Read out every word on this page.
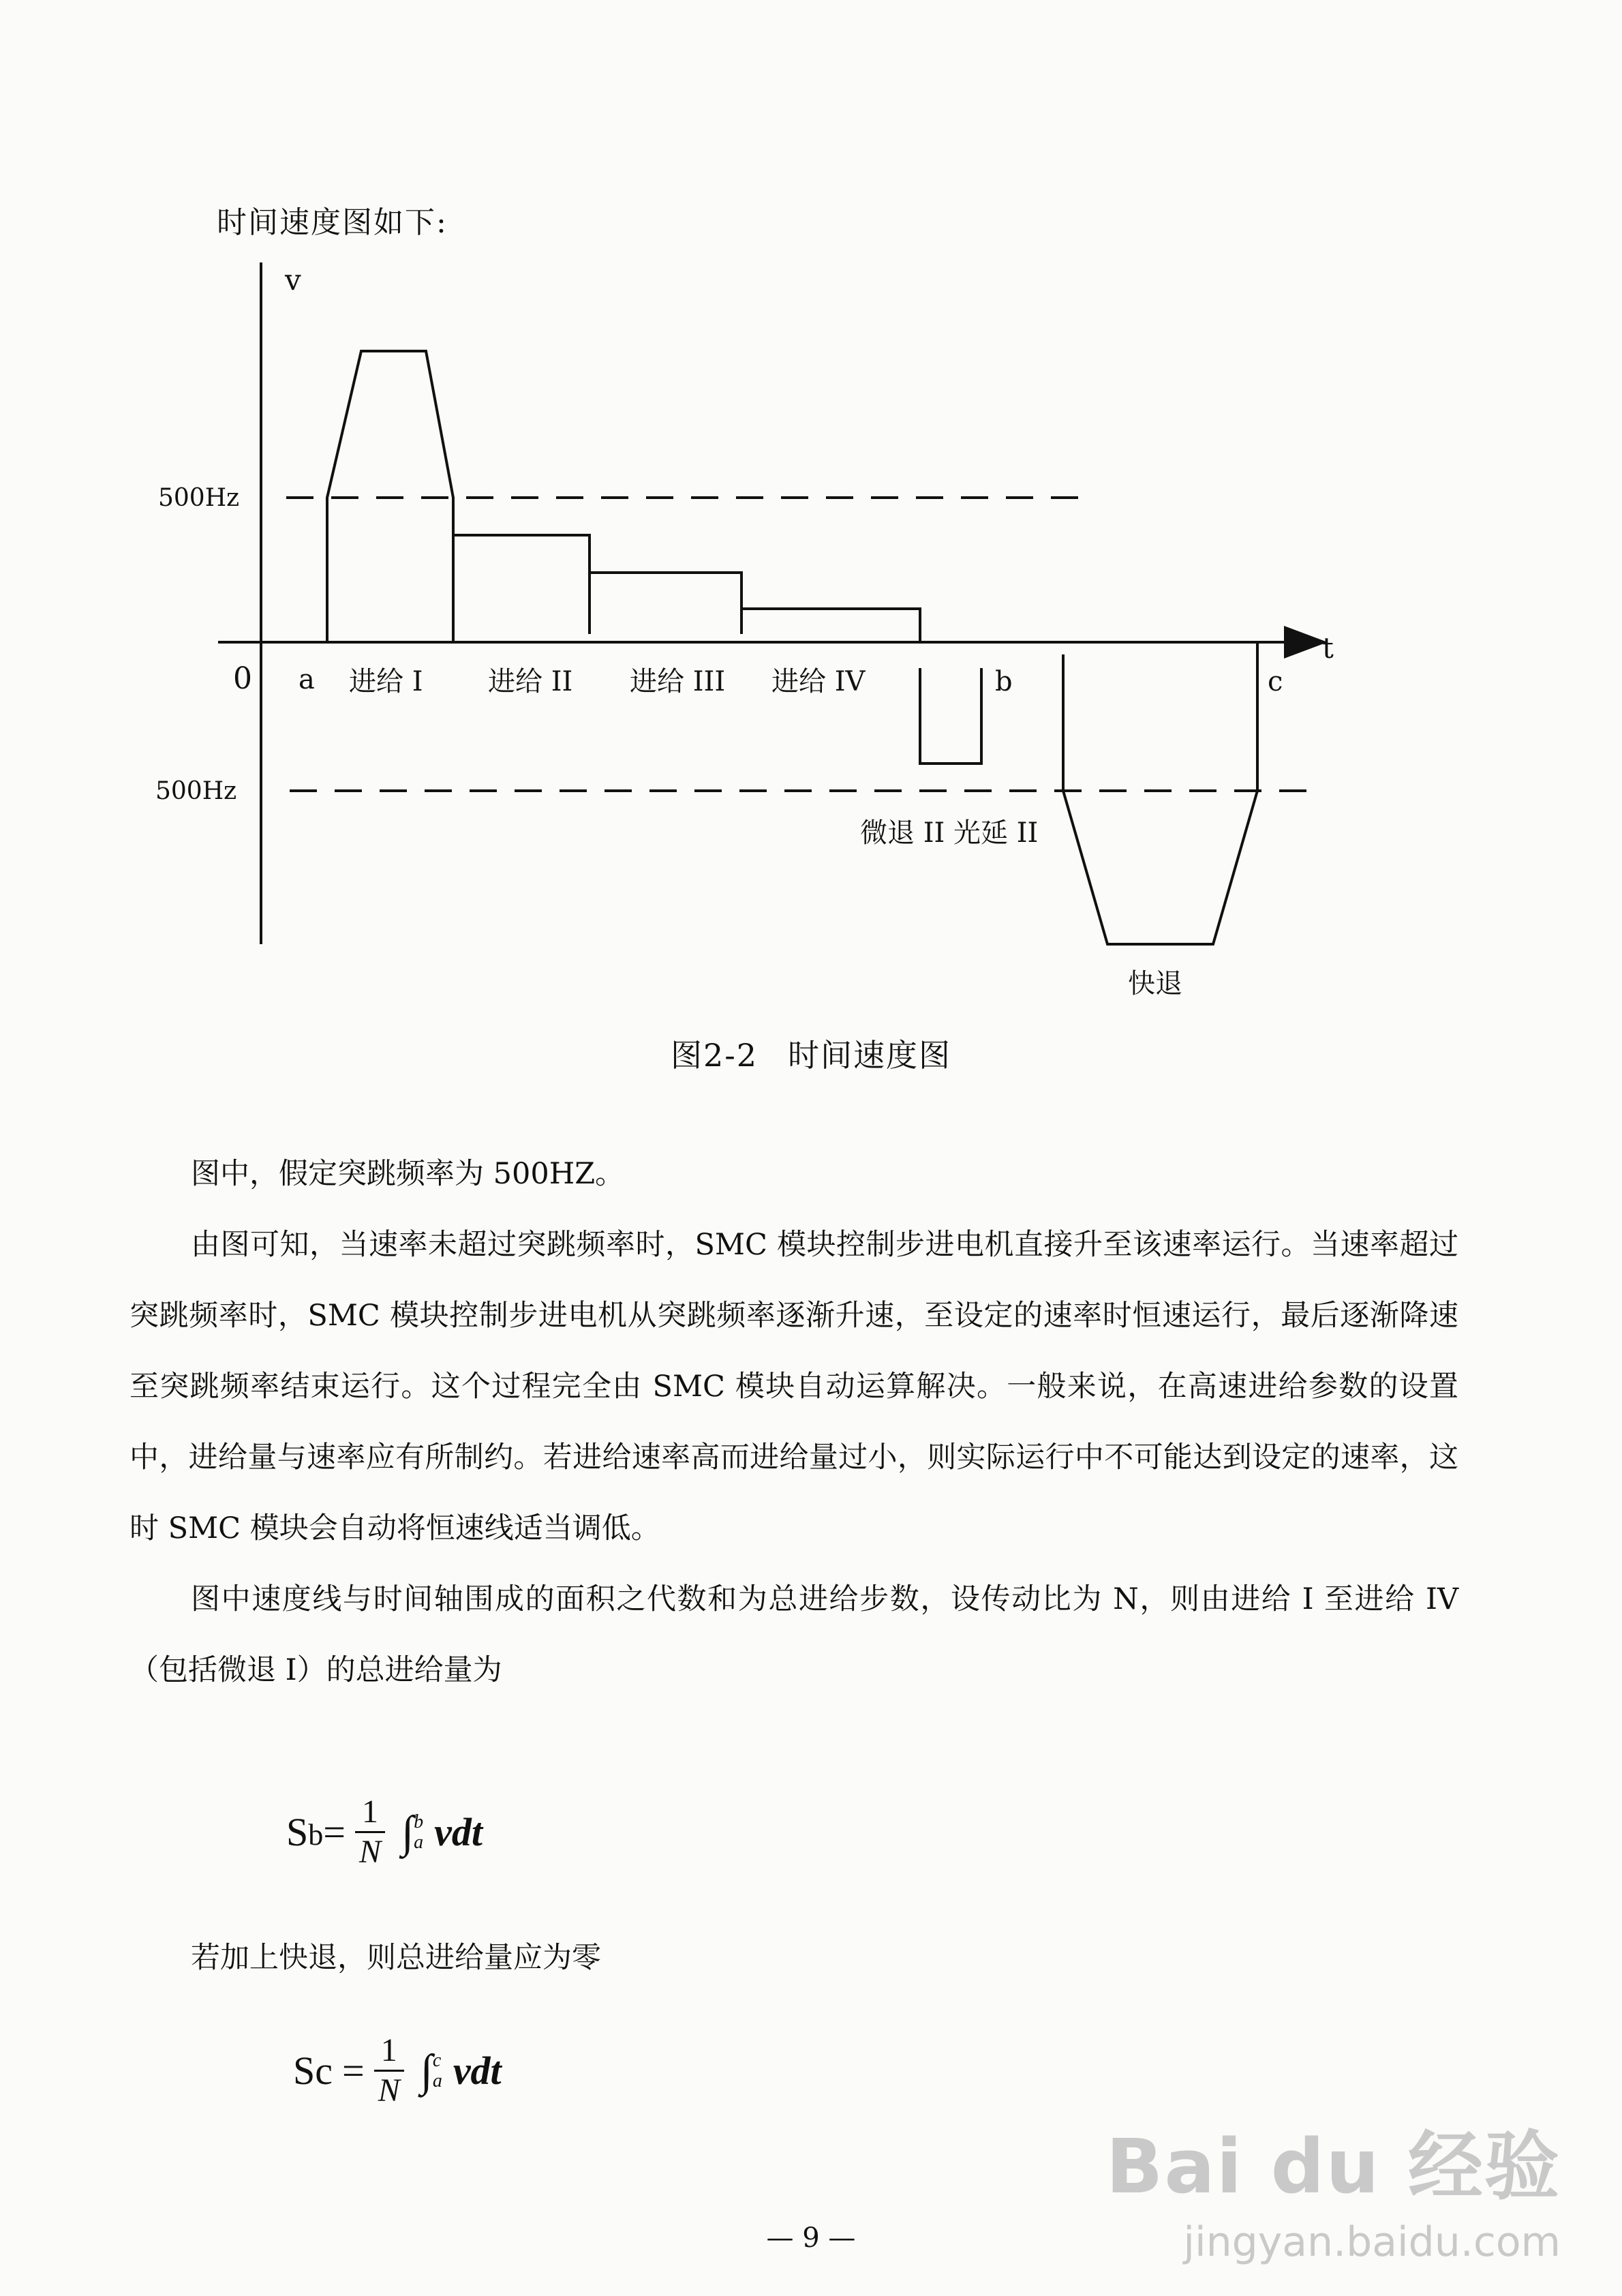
时间速度图如下:
v
t
0
500Hz
500Hz
a 进给 I 进给 II 进给 III 进给 IV	b	c
微退 II 光延 II
快退
图2-2 时间速度图

图中，假定突跳频率为 500HZ。

由图可知，当速率未超过突跳频率时，SMC 模块控制步进电机直接升至该速率运行。当速率超过突跳频率时，SMC 模块控制步进电机从突跳频率逐渐升速，至设定的速率时恒速运行，最后逐渐降速至突跳频率结束运行。这个过程完全由 SMC 模块自动运算解决。一般来说，在高速进给参数的设置中，进给量与速率应有所制约。若进给速率高而进给量过小，则实际运行中不可能达到设定的速率，这时 SMC 模块会自动将恒速线适当调低。

图中速度线与时间轴围成的面积之代数和为总进给步数，设传动比为 N，则由进给 I 至进给 IV（包括微退 I）的总进给量为

S $b = \frac{1}{N}$ ∫ b
a vdt

若加上快退，则总进给量应为零

$Sc = \frac{1}{N}$ ∫ c
a vdt
— 9 —
Bai du 经验
jingyan.baidu.com
